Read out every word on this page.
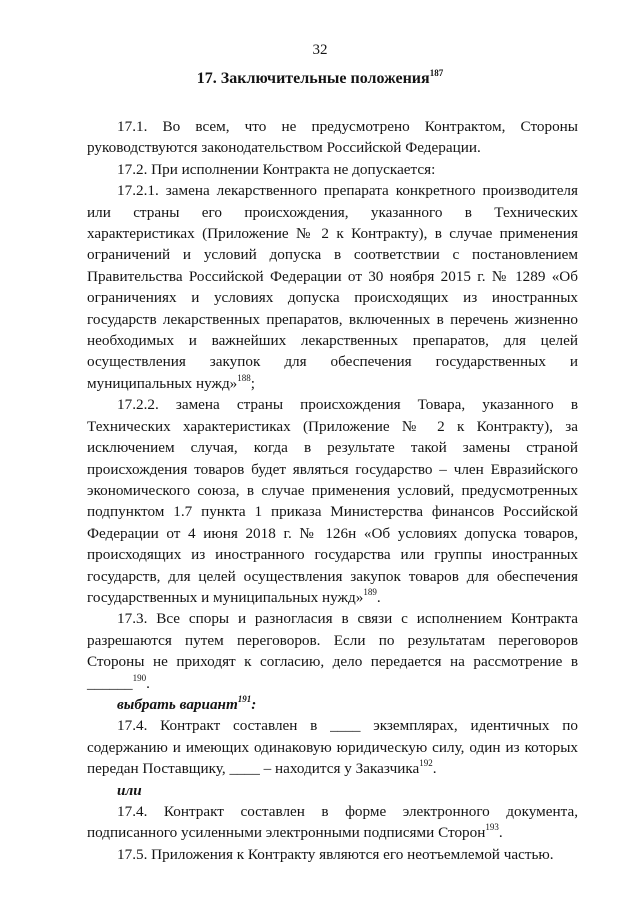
32
17. Заключительные положения$^{187}$

17.1. Во всем, что не предусмотрено Контрактом, Стороны руководствуются законодательством Российской Федерации.

17.2. При исполнении Контракта не допускается:

17.2.1. замена лекарственного препарата конкретного производителя или страны его происхождения, указанного в Технических характеристиках (Приложение № 2 к Контракту), в случае применения ограничений и условий допуска в соответствии с постановлением Правительства Российской Федерации от 30 ноября 2015 г. № 1289 «Об ограничениях и условиях допуска происходящих из иностранных государств лекарственных препаратов, включенных в перечень жизненно необходимых и важнейших лекарственных препаратов, для целей осуществления закупок для обеспечения государственных и муниципальных нужд»$^{188}$;

17.2.2. замена страны происхождения Товара, указанного в Технических характеристиках (Приложение № 2 к Контракту), за исключением случая, когда в результате такой замены страной происхождения товаров будет являться государство – член Евразийского экономического союза, в случае применения условий, предусмотренных подпунктом 1.7 пункта 1 приказа Министерства финансов Российской Федерации от 4 июня 2018 г. № 126н «Об условиях допуска товаров, происходящих из иностранного государства или группы иностранных государств, для целей осуществления закупок товаров для обеспечения государственных и муниципальных нужд»$^{189}$.

17.3. Все споры и разногласия в связи с исполнением Контракта разрешаются путем переговоров. Если по результатам переговоров Стороны не приходят к согласию, дело передается на рассмотрение в ______$^{190}$.

выбрать вариант$^{191}$:

17.4. Контракт составлен в ____ экземплярах, идентичных по содержанию и имеющих одинаковую юридическую силу, один из которых передан Поставщику, ____ – находится у Заказчика$^{192}$.

или

17.4. Контракт составлен в форме электронного документа, подписанного усиленными электронными подписями Сторон$^{193}$.

17.5. Приложения к Контракту являются его неотъемлемой частью.
